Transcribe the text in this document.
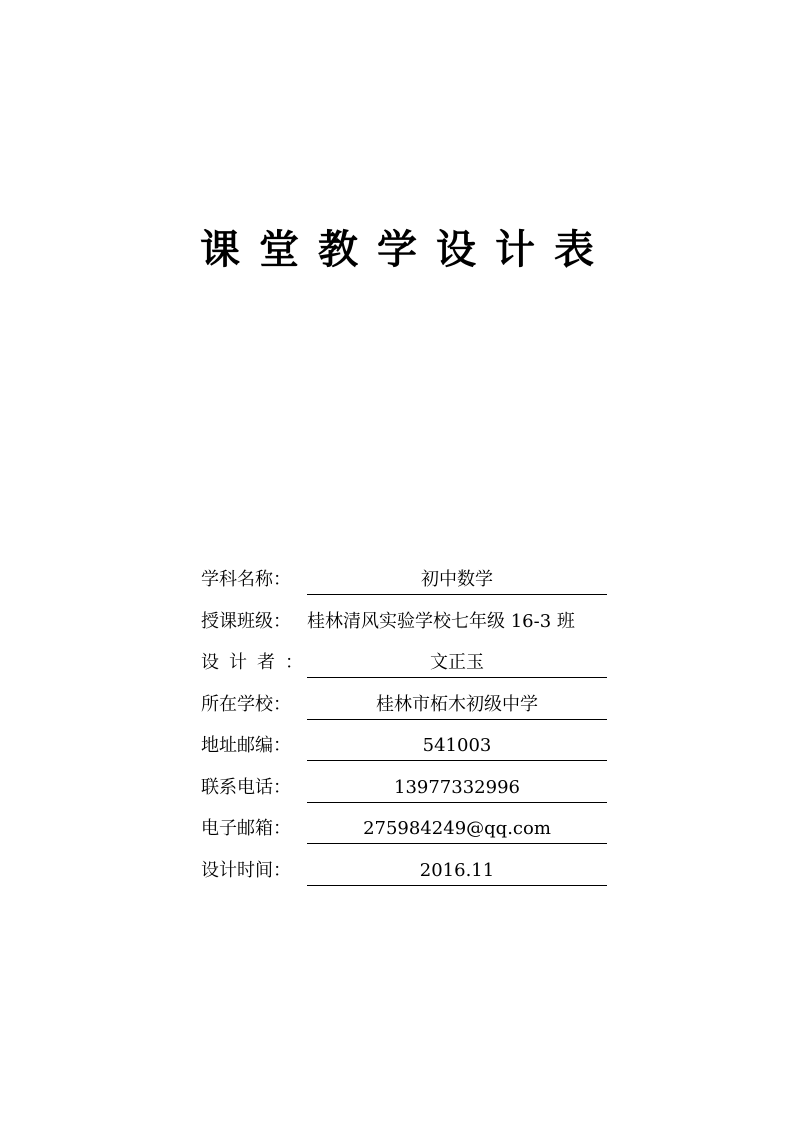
课堂教学设计表
学科名称：	初中数学
授课班级： 桂林清风实验学校七年级 16-3 班
设计者：	文正玉
所在学校：	桂林市柘木初级中学
地址邮编：	541003
联系电话：	13977332996
电子邮箱：	275984249@qq.com
设计时间：	2016.11
